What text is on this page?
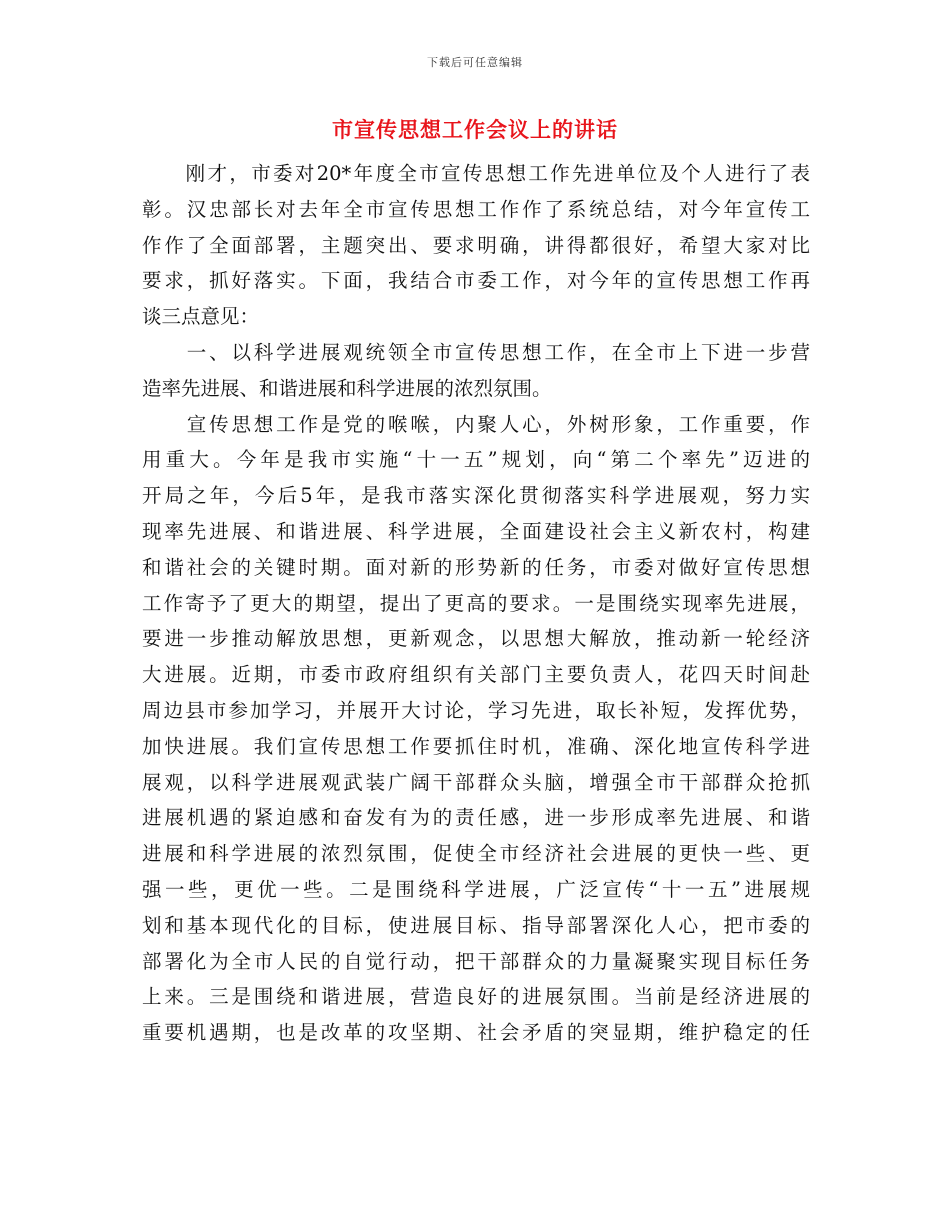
下载后可任意编辑
市宣传思想工作会议上的讲话
　　刚才，市委对20*年度全市宣传思想工作先进单位及个人进行了表
彰。汉忠部长对去年全市宣传思想工作作了系统总结，对今年宣传工
作作了全面部署，主题突出、要求明确，讲得都很好，希望大家对比
要求，抓好落实。下面，我结合市委工作，对今年的宣传思想工作再
谈三点意见：
　　一、以科学进展观统领全市宣传思想工作，在全市上下进一步营
造率先进展、和谐进展和科学进展的浓烈氛围。
　　宣传思想工作是党的喉喉，内聚人心，外树形象，工作重要，作
用重大。今年是我市实施“十一五”规划，向“第二个率先”迈进的
开局之年，今后5年，是我市落实深化贯彻落实科学进展观，努力实
现率先进展、和谐进展、科学进展，全面建设社会主义新农村，构建
和谐社会的关键时期。面对新的形势新的任务，市委对做好宣传思想
工作寄予了更大的期望，提出了更高的要求。一是围绕实现率先进展，
要进一步推动解放思想，更新观念，以思想大解放，推动新一轮经济
大进展。近期，市委市政府组织有关部门主要负责人，花四天时间赴
周边县市参加学习，并展开大讨论，学习先进，取长补短，发挥优势，
加快进展。我们宣传思想工作要抓住时机，准确、深化地宣传科学进
展观，以科学进展观武装广阔干部群众头脑，增强全市干部群众抢抓
进展机遇的紧迫感和奋发有为的责任感，进一步形成率先进展、和谐
进展和科学进展的浓烈氛围，促使全市经济社会进展的更快一些、更
强一些，更优一些。二是围绕科学进展，广泛宣传“十一五”进展规
划和基本现代化的目标，使进展目标、指导部署深化人心，把市委的
部署化为全市人民的自觉行动，把干部群众的力量凝聚实现目标任务
上来。三是围绕和谐进展，营造良好的进展氛围。当前是经济进展的
重要机遇期，也是改革的攻坚期、社会矛盾的突显期，维护稳定的任
